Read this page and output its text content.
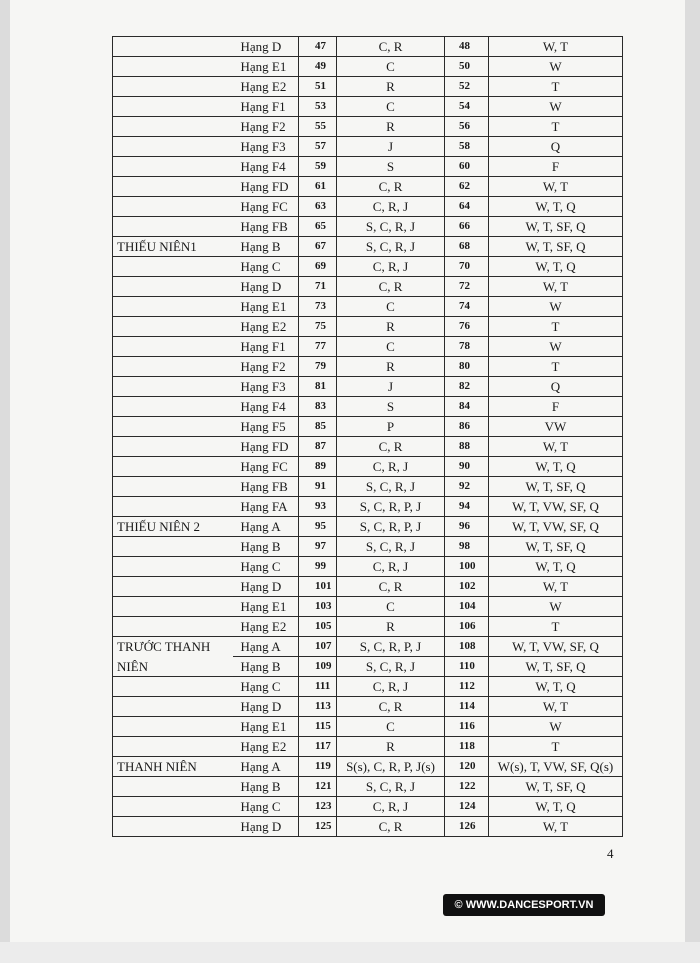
	Hạng D	47	C, R	48	W, T
	Hạng E1	49	C	50	W
	Hạng E2	51	R	52	T
	Hạng F1	53	C	54	W
	Hạng F2	55	R	56	T
	Hạng F3	57	J	58	Q
	Hạng F4	59	S	60	F
	Hạng FD	61	C, R	62	W, T
	Hạng FC	63	C, R, J	64	W, T, Q
	Hạng FB	65	S, C, R, J	66	W, T, SF, Q
THIẾU NIÊN1	Hạng B	67	S, C, R, J	68	W, T, SF, Q
	Hạng C	69	C, R, J	70	W, T, Q
	Hạng D	71	C, R	72	W, T
	Hạng E1	73	C	74	W
	Hạng E2	75	R	76	T
	Hạng F1	77	C	78	W
	Hạng F2	79	R	80	T
	Hạng F3	81	J	82	Q
	Hạng F4	83	S	84	F
	Hạng F5	85	P	86	VW
	Hạng FD	87	C, R	88	W, T
	Hạng FC	89	C, R, J	90	W, T, Q
	Hạng FB	91	S, C, R, J	92	W, T, SF, Q
	Hạng FA	93	S, C, R, P, J	94	W, T, VW, SF, Q
THIẾU NIÊN 2	Hạng A	95	S, C, R, P, J	96	W, T, VW, SF, Q
	Hạng B	97	S, C, R, J	98	W, T, SF, Q
	Hạng C	99	C, R, J	100	W, T, Q
	Hạng D	101	C, R	102	W, T
	Hạng E1	103	C	104	W
	Hạng E2	105	R	106	T
TRƯỚC THANH	Hạng A	107	S, C, R, P, J	108	W, T, VW, SF, Q
NIÊN	Hạng B	109	S, C, R, J	110	W, T, SF, Q
	Hạng C	111	C, R, J	112	W, T, Q
	Hạng D	113	C, R	114	W, T
	Hạng E1	115	C	116	W
	Hạng E2	117	R	118	T
THANH NIÊN	Hạng A	119	S(s), C, R, P, J(s)	120	W(s), T, VW, SF, Q(s)
	Hạng B	121	S, C, R, J	122	W, T, SF, Q
	Hạng C	123	C, R, J	124	W, T, Q
	Hạng D	125	C, R	126	W, T
4
© WWW.DANCESPORT.VN
